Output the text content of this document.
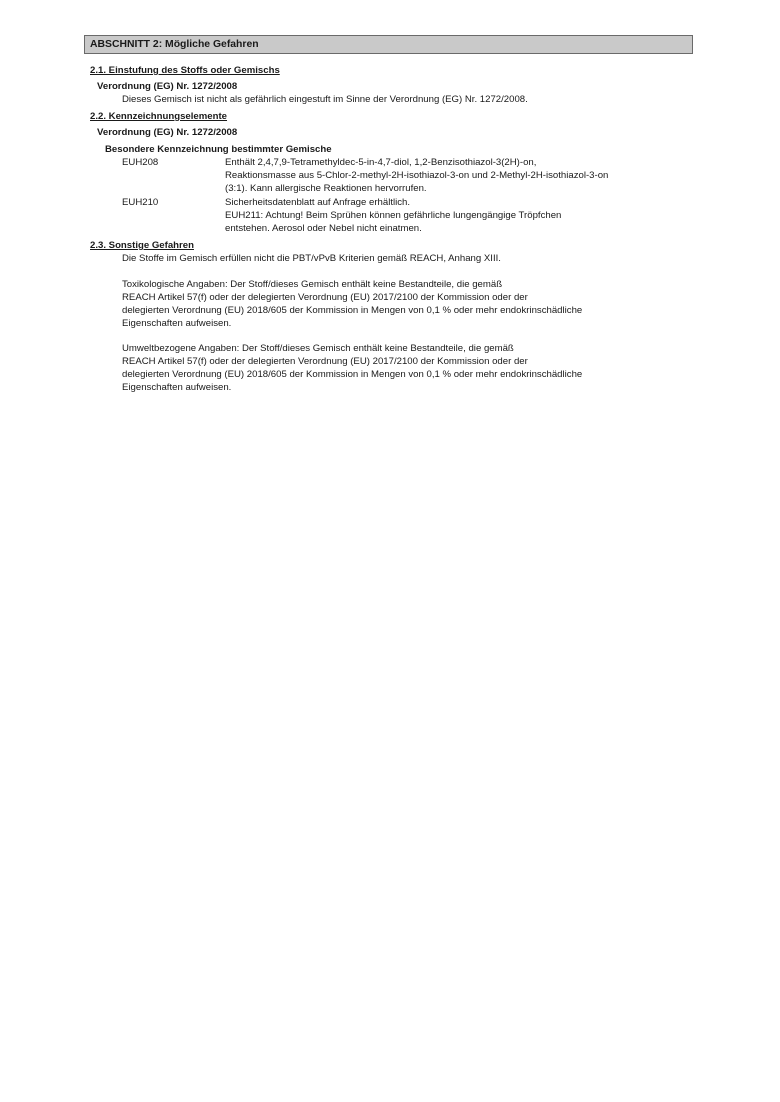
ABSCHNITT 2: Mögliche Gefahren
2.1. Einstufung des Stoffs oder Gemischs
Verordnung (EG) Nr. 1272/2008
Dieses Gemisch ist nicht als gefährlich eingestuft im Sinne der Verordnung (EG) Nr. 1272/2008.
2.2. Kennzeichnungselemente
Verordnung (EG) Nr. 1272/2008
Besondere Kennzeichnung bestimmter Gemische
EUH208	Enthält 2,4,7,9-Tetramethyldec-5-in-4,7-diol, 1,2-Benzisothiazol-3(2H)-on,
Reaktionsmasse aus 5-Chlor-2-methyl-2H-isothiazol-3-on und 2-Methyl-2H-isothiazol-3-on
(3:1). Kann allergische Reaktionen hervorrufen.
EUH210	Sicherheitsdatenblatt auf Anfrage erhältlich.
EUH211: Achtung! Beim Sprühen können gefährliche lungengängige Tröpfchen
entstehen. Aerosol oder Nebel nicht einatmen.
2.3. Sonstige Gefahren
Die Stoffe im Gemisch erfüllen nicht die PBT/vPvB Kriterien gemäß REACH, Anhang XIII.
Toxikologische Angaben: Der Stoff/dieses Gemisch enthält keine Bestandteile, die gemäß
REACH Artikel 57(f) oder der delegierten Verordnung (EU) 2017/2100 der Kommission oder der
delegierten Verordnung (EU) 2018/605 der Kommission in Mengen von 0,1 % oder mehr endokrinschädliche
Eigenschaften aufweisen.
Umweltbezogene Angaben: Der Stoff/dieses Gemisch enthält keine Bestandteile, die gemäß
REACH Artikel 57(f) oder der delegierten Verordnung (EU) 2017/2100 der Kommission oder der
delegierten Verordnung (EU) 2018/605 der Kommission in Mengen von 0,1 % oder mehr endokrinschädliche
Eigenschaften aufweisen.
